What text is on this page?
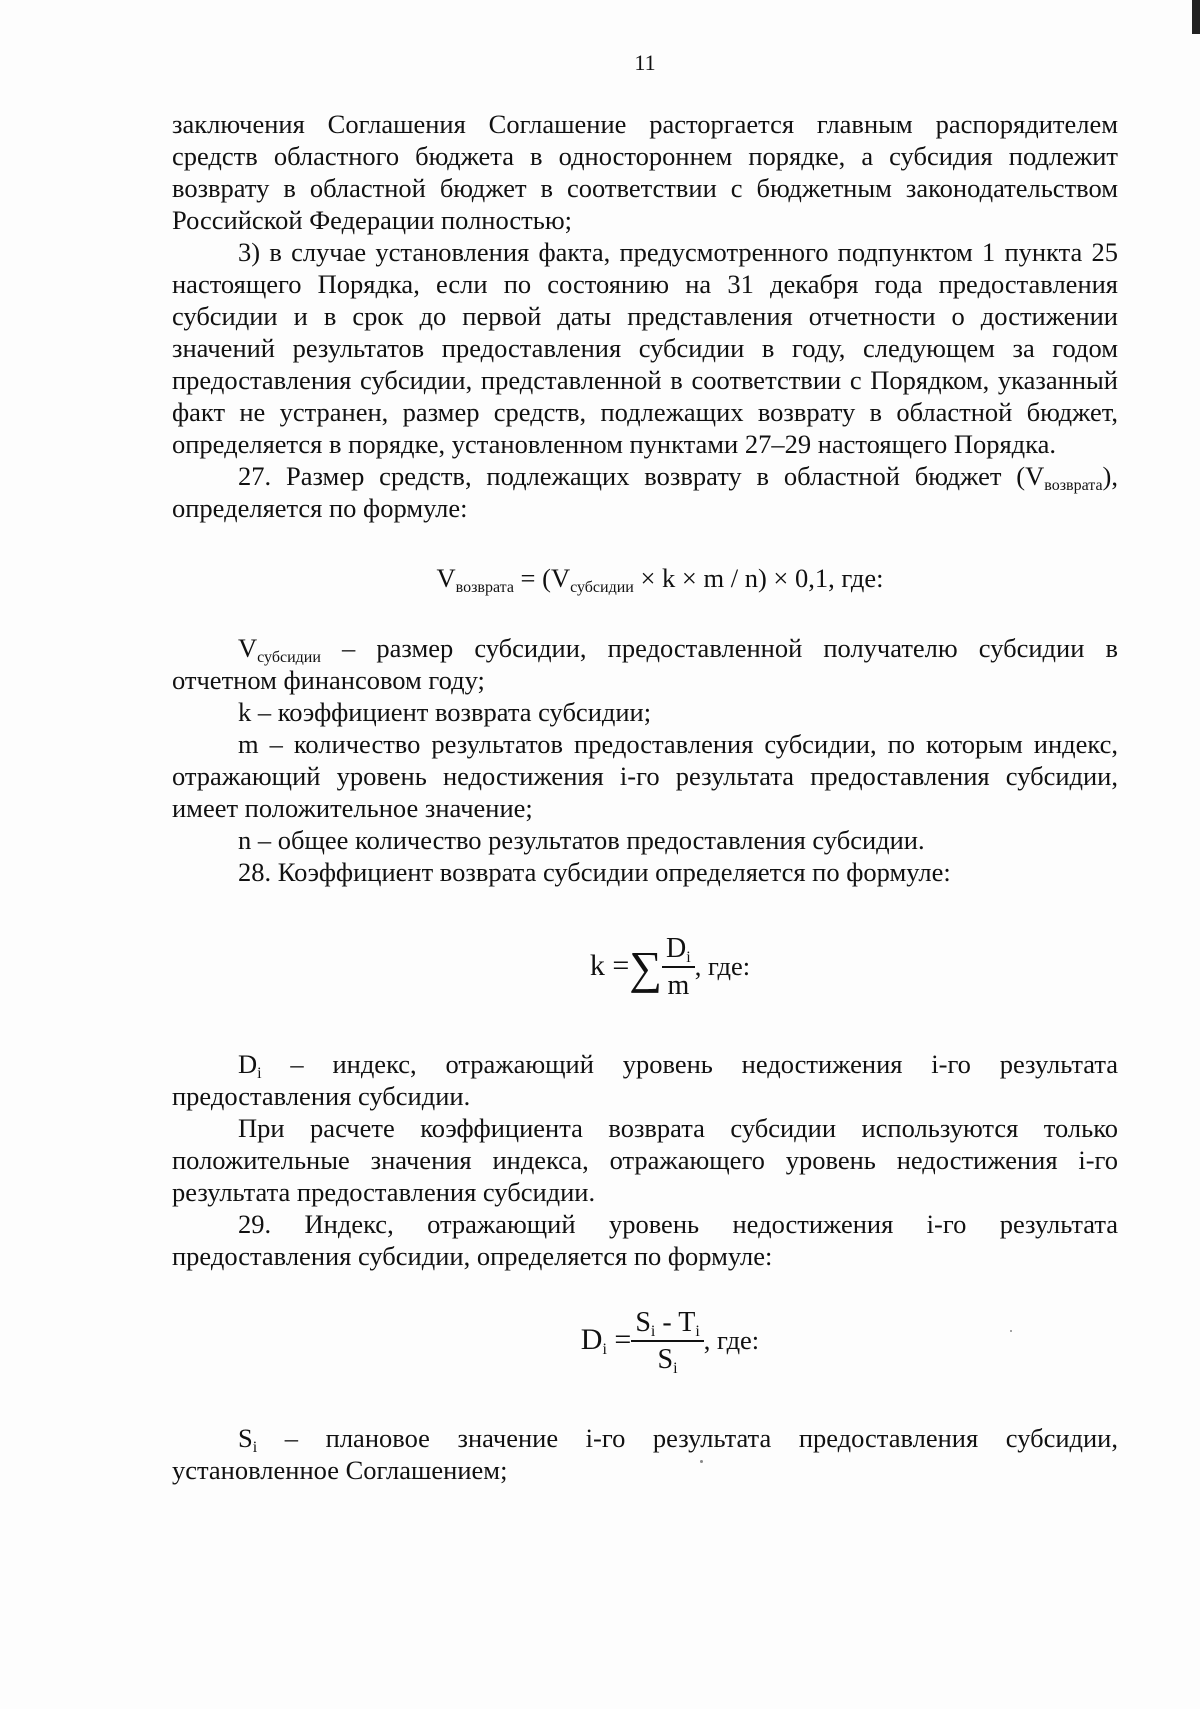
11

заключения Соглашения Соглашение расторгается главным распорядителем средств областного бюджета в одностороннем порядке, а субсидия подлежит возврату в областной бюджет в соответствии с бюджетным законодательством Российской Федерации полностью;

3) в случае установления факта, предусмотренного подпунктом 1 пункта 25 настоящего Порядка, если по состоянию на 31 декабря года предоставления субсидии и в срок до первой даты представления отчетности о достижении значений результатов предоставления субсидии в году, следующем за годом предоставления субсидии, представленной в соответствии с Порядком, указанный факт не устранен, размер средств, подлежащих возврату в областной бюджет, определяется в порядке, установленном пунктами 27–29 настоящего Порядка.

27. Размер средств, подлежащих возврату в областной бюджет $(V_{возврата})$, определяется по формуле:

$V_{возврата} = (V_{субсидии} \times k \times m / n) \times 0,1$, где:

$V_{субсидии}$ – размер субсидии, предоставленной получателю субсидии в отчетном финансовом году;

k – коэффициент возврата субсидии;

m – количество результатов предоставления субсидии, по которым индекс, отражающий уровень недостижения i-го результата предоставления субсидии, имеет положительное значение;

n – общее количество результатов предоставления субсидии.

28. Коэффициент возврата субсидии определяется по формуле:

k =∑ $\frac{D_i}{m}$ , где:

$D_i$ – индекс, отражающий уровень недостижения i-го результата предоставления субсидии.

При расчете коэффициента возврата субсидии используются только положительные значения индекса, отражающего уровень недостижения i-го результата предоставления субсидии.

29. Индекс, отражающий уровень недостижения i-го результата предоставления субсидии, определяется по формуле:

$D_i = \frac{S_i - T_i}{S_i}$ , где:

$S_i$ – плановое значение i-го результата предоставления субсидии, установленное Соглашением;
